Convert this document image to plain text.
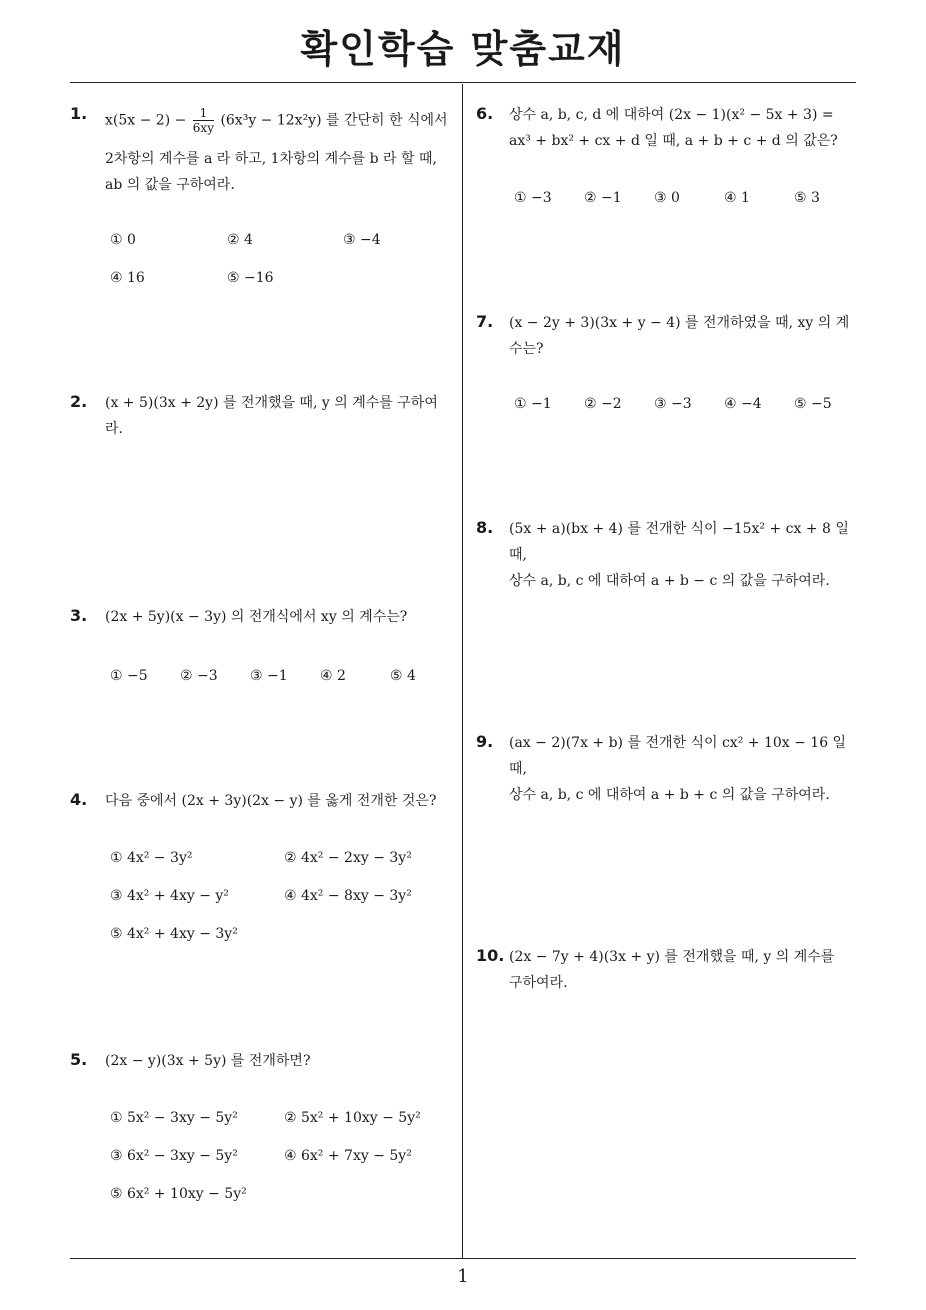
확인학습 맞춤교재
1. $x(5x - 2) - \frac{1}{6xy} (6x^3y - 12x^2y)$ 를 간단히 한 식에서
2차항의 계수를 a 라 하고, 1차항의 계수를 b 라 할 때,
ab 의 값을 구하여라.
① 0	② 4	③ −4
④ 16	⑤ −16
2. (x + 5)(3x + 2y) 를 전개했을 때, y 의 계수를 구하여
라.
3. (2x + 5y)(x − 3y) 의 전개식에서 xy 의 계수는?
① −5 ② −3 ③ −1 ④ 2	⑤ 4
4. 다음 중에서 (2x + 3y)(2x − y) 를 옳게 전개한 것은?
① 4x² − 3y²	② 4x² − 2xy − 3y²
③ 4x² + 4xy − y²	④ 4x² − 8xy − 3y²
⑤ 4x² + 4xy − 3y²
5. (2x − y)(3x + 5y) 를 전개하면?
① 5x² − 3xy − 5y²	② 5x² + 10xy − 5y²
③ 6x² − 3xy − 5y²	④ 6x² + 7xy − 5y²
⑤ 6x² + 10xy − 5y²
6. 상수 a, b, c, d 에 대하여 (2x − 1)(x² − 5x + 3) =
ax³ + bx² + cx + d 일 때, a + b + c + d 의 값은?
① −3 ② −1 ③ 0	④ 1	⑤ 3
7. (x − 2y + 3)(3x + y − 4) 를 전개하였을 때, xy 의 계
수는?
① −1 ② −2 ③ −3 ④ −4 ⑤ −5
8. (5x + a)(bx + 4) 를 전개한 식이 −15x² + cx + 8 일 때,
상수 a, b, c 에 대하여 a + b − c 의 값을 구하여라.
9. (ax − 2)(7x + b) 를 전개한 식이 cx² + 10x − 16 일 때,
상수 a, b, c 에 대하여 a + b + c 의 값을 구하여라.
10. (2x − 7y + 4)(3x + y) 를 전개했을 때, y 의 계수를
구하여라.
1
